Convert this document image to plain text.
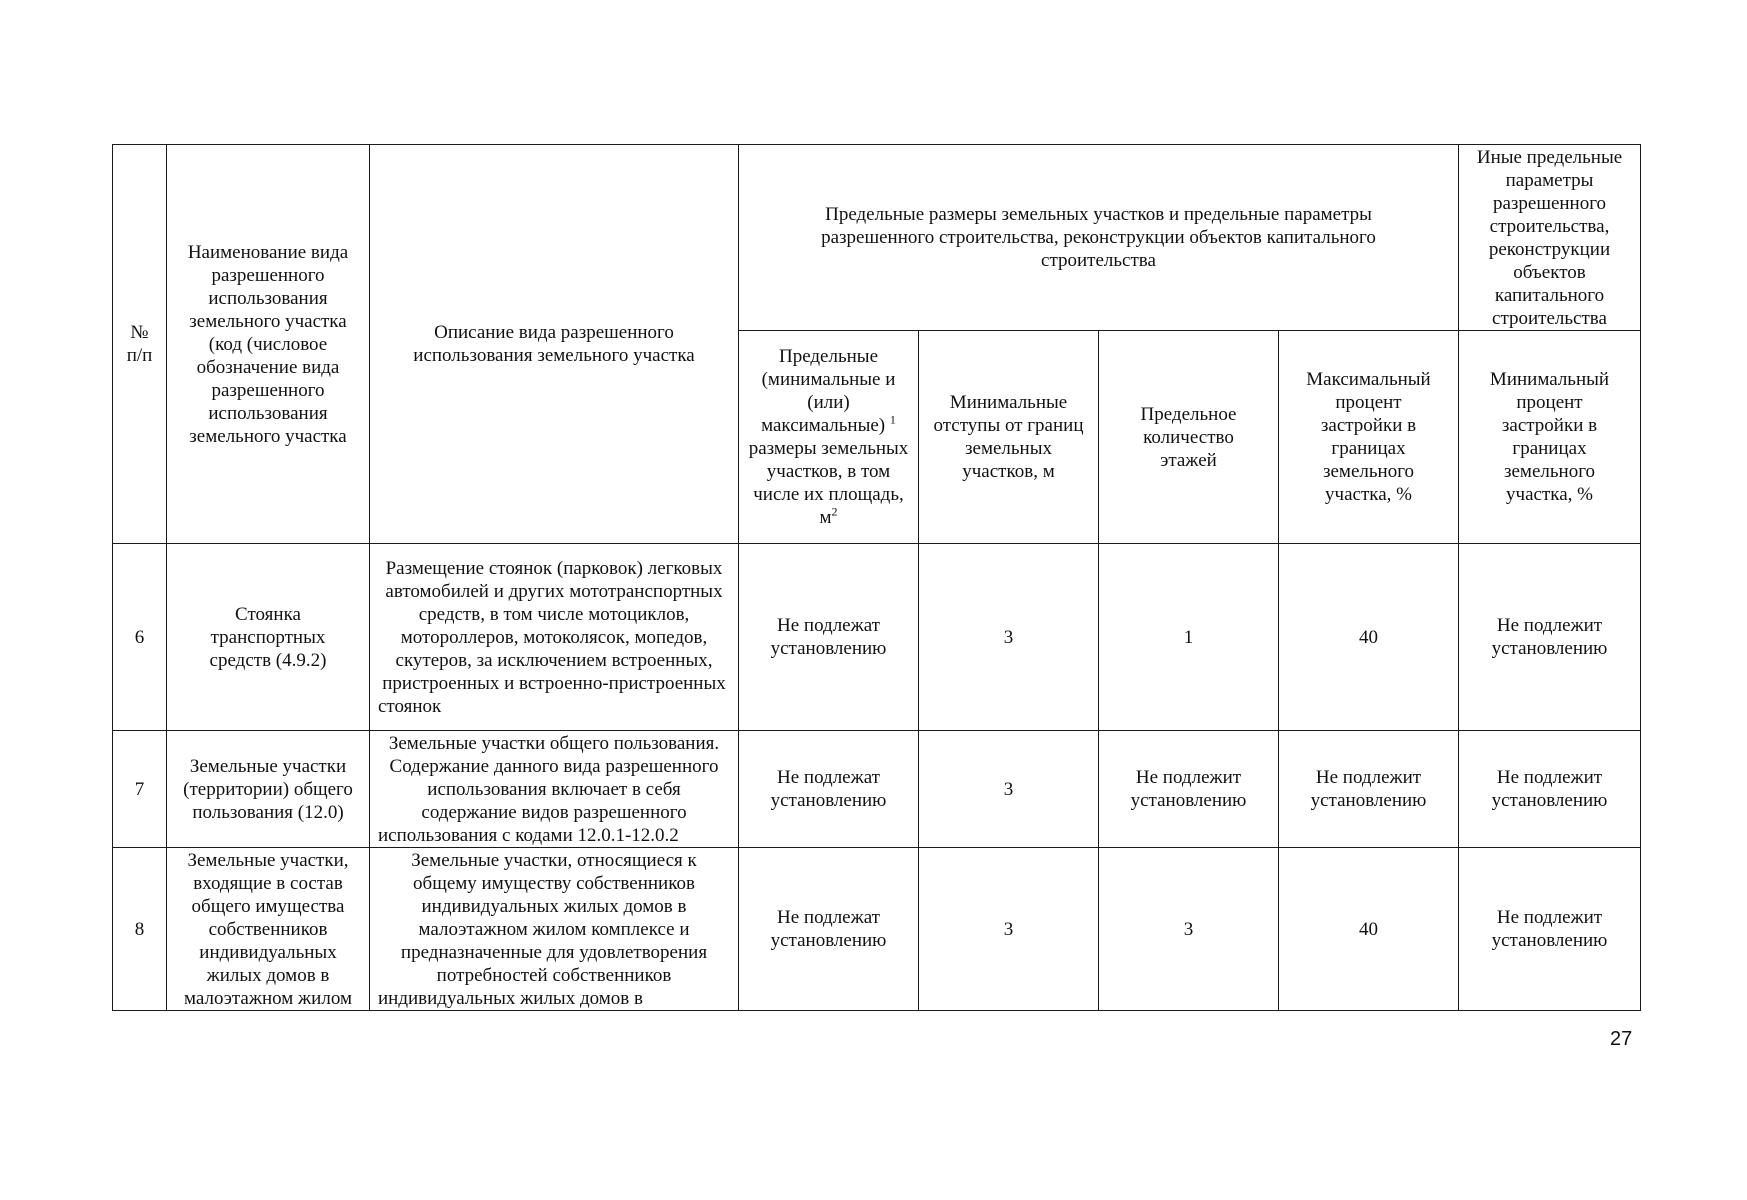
№ п/п	Наименование вида разрешенного использования земельного участка (код (числовое обозначение вида разрешенного использования земельного участка	Описание вида разрешенного использования земельного участка	Предельные размеры земельных участков и предельные параметры разрешенного строительства, реконструкции объектов капитального строительства				Иные предельные параметры разрешенного строительства, реконструкции объектов капитального строительства
			Предельные (минимальные и (или) максимальные) $^1$ размеры земельных участков, в том числе их площадь, $м^2$	Минимальные отступы от границ земельных участков, м	Предельное количество этажей	Максимальный процент застройки в границах земельного участка, %	Минимальный процент застройки в границах земельного участка, %
6	Стоянка транспортных средств (4.9.2)	Размещение стоянок (парковок) легковых автомобилей и других мототранспортных средств, в том числе мотоциклов, мотороллеров, мотоколясок, мопедов, скутеров, за исключением встроенных, пристроенных и встроенно-пристроенных стоянок	Не подлежат установлению	3	1	40	Не подлежит установлению
7	Земельные участки (территории) общего пользования (12.0)	Земельные участки общего пользования. Содержание данного вида разрешенного использования включает в себя содержание видов разрешенного использования с кодами 12.0.1-12.0.2	Не подлежат установлению	3	Не подлежит установлению	Не подлежит установлению	Не подлежит установлению
8	Земельные участки, входящие в состав общего имущества собственников индивидуальных жилых домов в малоэтажном жилом	Земельные участки, относящиеся к общему имуществу собственников индивидуальных жилых домов в малоэтажном жилом комплексе и предназначенные для удовлетворения потребностей собственников индивидуальных жилых домов в	Не подлежат установлению	3	3	40	Не подлежит установлению
27
